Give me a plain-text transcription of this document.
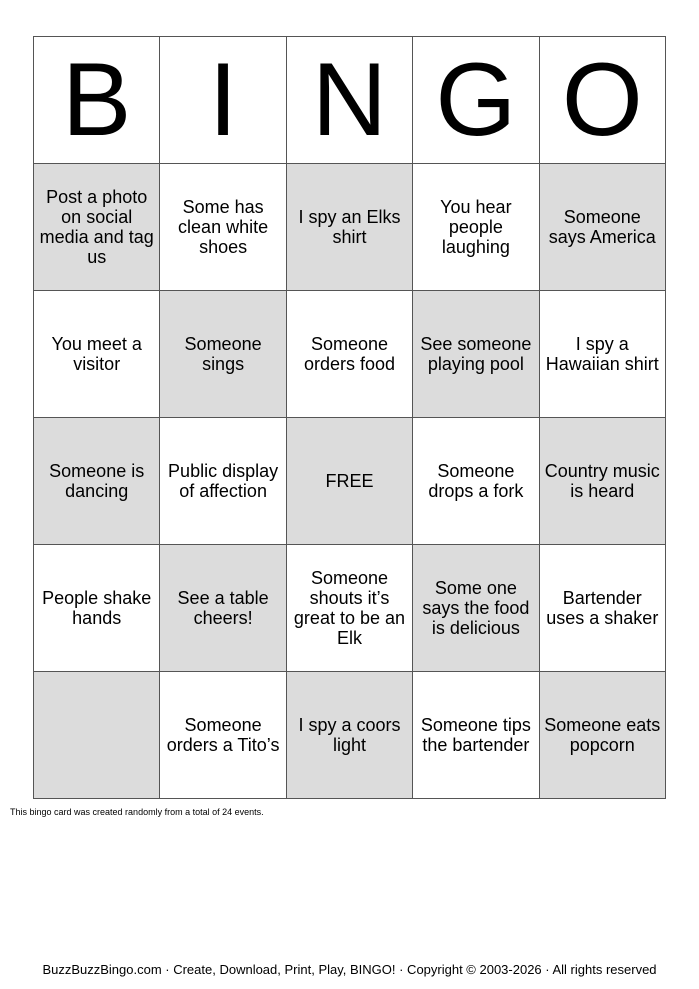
B	I	N	G	O
Post a photo on social media and tag us	Some has clean white shoes	I spy an Elks shirt	You hear people laughing	Someone says America
You meet a visitor	Someone sings	Someone orders food	See someone playing pool	I spy a Hawaiian shirt
Someone is dancing	Public display of affection	FREE	Someone drops a fork	Country music is heard
People shake hands	See a table cheers!	Someone shouts it’s great to be an Elk	Some one says the food is delicious	Bartender uses a shaker
	Someone orders a Tito’s	I spy a coors light	Someone tips the bartender	Someone eats popcorn
This bingo card was created randomly from a total of 24 events.
BuzzBuzzBingo.com · Create, Download, Print, Play, BINGO! · Copyright © 2003-2026 · All rights reserved
